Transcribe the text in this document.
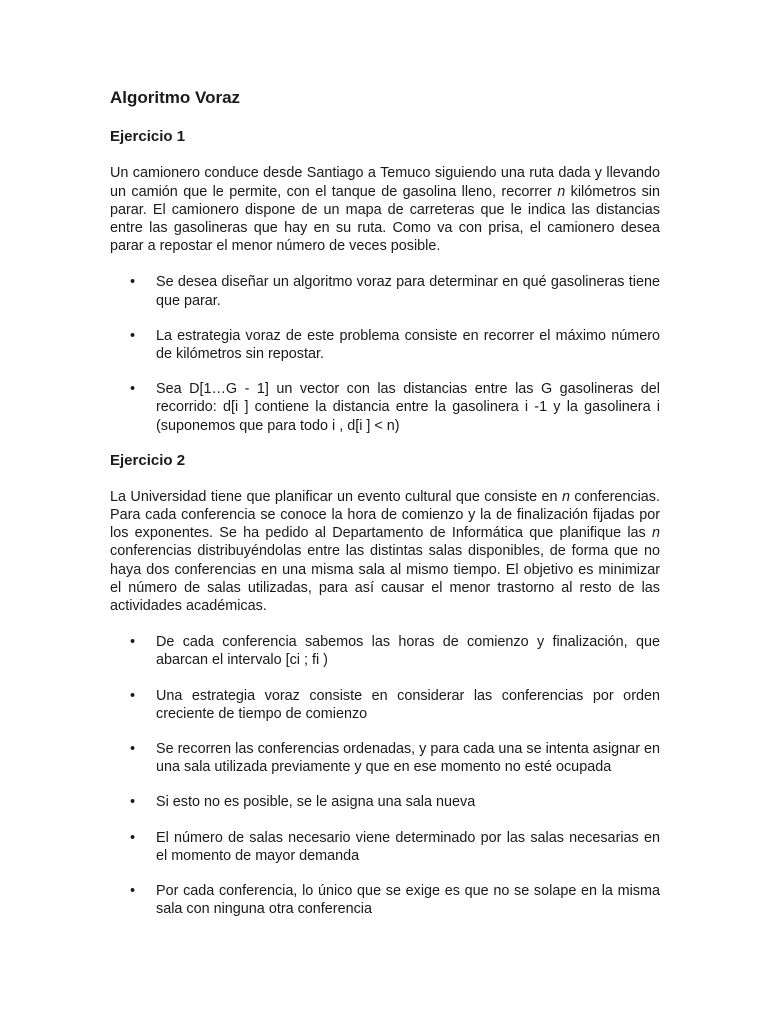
Algoritmo Voraz
Ejercicio 1

Un camionero conduce desde Santiago a Temuco siguiendo una ruta dada y llevando un camión que le permite, con el tanque de gasolina lleno, recorrer n kilómetros sin parar. El camionero dispone de un mapa de carreteras que le indica las distancias entre las gasolineras que hay en su ruta. Como va con prisa, el camionero desea parar a repostar el menor número de veces posible.

• Se desea diseñar un algoritmo voraz para determinar en qué gasolineras tiene que parar.
• La estrategia voraz de este problema consiste en recorrer el máximo número de kilómetros sin repostar.
• Sea D[1…G - 1] un vector con las distancias entre las G gasolineras del recorrido: d[i ] contiene la distancia entre la gasolinera i -1 y la gasolinera i (suponemos que para todo i , d[i ] < n)
Ejercicio 2

La Universidad tiene que planificar un evento cultural que consiste en n conferencias. Para cada conferencia se conoce la hora de comienzo y la de finalización fijadas por los exponentes. Se ha pedido al Departamento de Informática que planifique las n conferencias distribuyéndolas entre las distintas salas disponibles, de forma que no haya dos conferencias en una misma sala al mismo tiempo. El objetivo es minimizar el número de salas utilizadas, para así causar el menor trastorno al resto de las actividades académicas.

• De cada conferencia sabemos las horas de comienzo y finalización, que abarcan el intervalo [ci ; fi )
• Una estrategia voraz consiste en considerar las conferencias por orden creciente de tiempo de comienzo
• Se recorren las conferencias ordenadas, y para cada una se intenta asignar en una sala utilizada previamente y que en ese momento no esté ocupada
• Si esto no es posible, se le asigna una sala nueva
• El número de salas necesario viene determinado por las salas necesarias en el momento de mayor demanda
• Por cada conferencia, lo único que se exige es que no se solape en la misma sala con ninguna otra conferencia
